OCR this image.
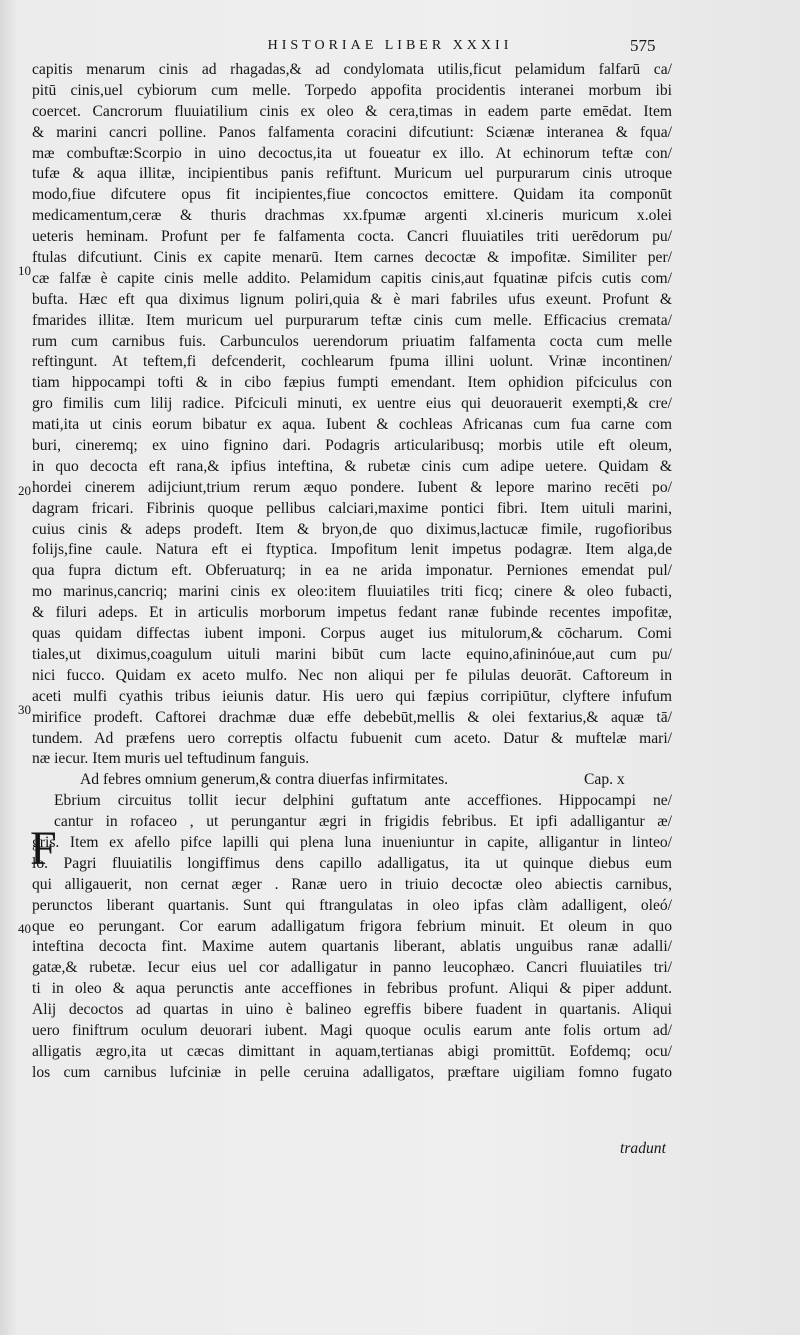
HISTORIAE LIBER XXXII	575
10
20
30
40
F
capitis menarum cinis ad rhagadas,& ad condylomata utilis,ficut pelamidum falfarū ca/
pitū cinis,uel cybiorum cum melle. Torpedo appofita procidentis interanei morbum ibi
coercet. Cancrorum fluuiatilium cinis ex oleo & cera,timas in eadem parte emēdat. Item
& marini cancri polline. Panos falfamenta coracini difcutiunt: Sciænæ interanea & fqua/
mæ combuftæ:Scorpio in uino decoctus,ita ut foueatur ex illo. At echinorum teftæ con/
tufæ & aqua illitæ, incipientibus panis refiftunt. Muricum uel purpurarum cinis utroque
modo,fiue difcutere opus fit incipientes,fiue concoctos emittere. Quidam ita componūt
medicamentum,ceræ & thuris drachmas xx.fpumæ argenti xl.cineris muricum x.olei
ueteris heminam. Profunt per fe falfamenta cocta. Cancri fluuiatiles triti uerēdorum pu/
ftulas difcutiunt. Cinis ex capite menarū. Item carnes decoctæ & impofitæ. Similiter per/
cæ falfæ è capite cinis melle addito. Pelamidum capitis cinis,aut fquatinæ pifcis cutis com/
bufta. Hæc eft qua diximus lignum poliri,quia & è mari fabriles ufus exeunt. Profunt &
fmarides illitæ. Item muricum uel purpurarum teftæ cinis cum melle. Efficacius cremata/
rum cum carnibus fuis. Carbunculos uerendorum priuatim falfamenta cocta cum melle
reftingunt. At teftem,fi defcenderit, cochlearum fpuma illini uolunt. Vrinæ incontinen/
tiam hippocampi tofti & in cibo fæpius fumpti emendant. Item ophidion pifciculus con
gro fimilis cum lilij radice. Pifciculi minuti, ex uentre eius qui deuorauerit exempti,& cre/
mati,ita ut cinis eorum bibatur ex aqua. Iubent & cochleas Africanas cum fua carne com
buri, cineremq; ex uino fignino dari. Podagris articularibusq; morbis utile eft oleum,
in quo decocta eft rana,& ipfius inteftina, & rubetæ cinis cum adipe uetere. Quidam &
hordei cinerem adijciunt,trium rerum æquo pondere. Iubent & lepore marino recēti po/
dagram fricari. Fibrinis quoque pellibus calciari,maxime pontici fibri. Item uituli marini,
cuius cinis & adeps prodeft. Item & bryon,de quo diximus,lactucæ fimile, rugofioribus
folijs,fine caule. Natura eft ei ftyptica. Impofitum lenit impetus podagræ. Item alga,de
qua fupra dictum eft. Obferuaturq; in ea ne arida imponatur. Perniones emendat pul/
mo marinus,cancriq; marini cinis ex oleo:item fluuiatiles triti ficq; cinere & oleo fubacti,
& filuri adeps. Et in articulis morborum impetus fedant ranæ fubinde recentes impofitæ,
quas quidam diffectas iubent imponi. Corpus auget ius mitulorum,& cōcharum. Comi
tiales,ut diximus,coagulum uituli marini bibūt cum lacte equino,afininóue,aut cum pu/
nici fucco. Quidam ex aceto mulfo. Nec non aliqui per fe pilulas deuorāt. Caftoreum in
aceti mulfi cyathis tribus ieiunis datur. His uero qui fæpius corripiūtur, clyftere infufum
mirifice prodeft. Caftorei drachmæ duæ effe debebūt,mellis & olei fextarius,& aquæ tā/
tundem. Ad præfens uero correptis olfactu fubuenit cum aceto. Datur & muftelæ mari/
næ iecur. Item muris uel teftudinum fanguis.
Ad febres omnium generum,& contra diuerfas infirmitates.	Cap. x
Ebrium circuitus tollit iecur delphini guftatum ante acceffiones. Hippocampi ne/
cantur in rofaceo , ut perungantur ægri in frigidis febribus. Et ipfi adalligantur æ/
gris. Item ex afello pifce lapilli qui plena luna inueniuntur in capite, alligantur in linteo/
lo. Pagri fluuiatilis longiffimus dens capillo adalligatus, ita ut quinque diebus eum
qui alligauerit, non cernat æger . Ranæ uero in triuio decoctæ oleo abiectis carnibus,
perunctos liberant quartanis. Sunt qui ftrangulatas in oleo ipfas clàm adalligent, oleó/
que eo perungant. Cor earum adalligatum frigora febrium minuit. Et oleum in quo
inteftina decocta fint. Maxime autem quartanis liberant, ablatis unguibus ranæ adalli/
gatæ,& rubetæ. Iecur eius uel cor adalligatur in panno leucophæo. Cancri fluuiatiles tri/
ti in oleo & aqua perunctis ante acceffiones in febribus profunt. Aliqui & piper addunt.
Alij decoctos ad quartas in uino è balineo egreffis bibere fuadent in quartanis. Aliqui
uero finiftrum oculum deuorari iubent. Magi quoque oculis earum ante folis ortum ad/
alligatis ægro,ita ut cæcas dimittant in aquam,tertianas abigi promittūt. Eofdemq; ocu/
los cum carnibus lufciniæ in pelle ceruina adalligatos, præftare uigiliam fomno fugato
tradunt
